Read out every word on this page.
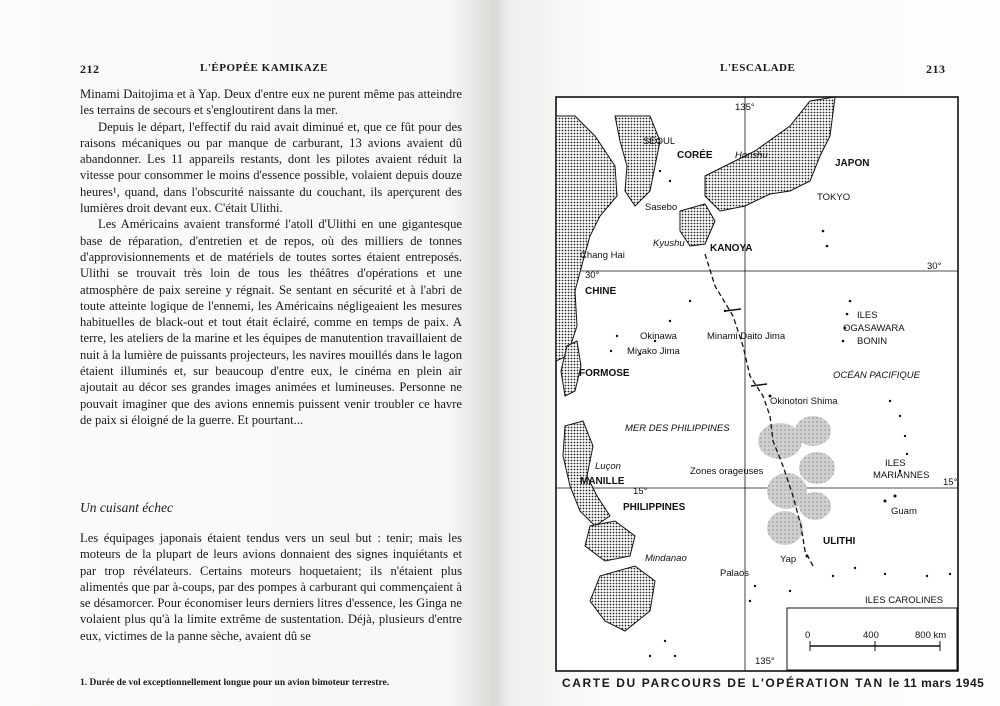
212	L'ÉPOPÉE KAMIKAZE

Minami Daitojima et à Yap. Deux d'entre eux ne purent même pas atteindre les terrains de secours et s'engloutirent dans la mer.

Depuis le départ, l'effectif du raid avait diminué et, que ce fût pour des raisons mécaniques ou par manque de carburant, 13 avions avaient dû abandonner. Les 11 appareils restants, dont les pilotes avaient réduit la vitesse pour consommer le moins d'essence possible, volaient depuis douze heures¹, quand, dans l'obscurité naissante du couchant, ils aperçurent des lumières droit devant eux. C'était Ulithi.

Les Américains avaient transformé l'atoll d'Ulithi en une gigantesque base de réparation, d'entretien et de repos, où des milliers de tonnes d'approvisionnements et de matériels de toutes sortes étaient entreposés. Ulithi se trouvait très loin de tous les théâtres d'opérations et une atmosphère de paix sereine y régnait. Se sentant en sécurité et à l'abri de toute atteinte logique de l'ennemi, les Américains négligeaient les mesures habituelles de black-out et tout était éclairé, comme en temps de paix. A terre, les ateliers de la marine et les équipes de manutention travaillaient de nuit à la lumière de puissants projecteurs, les navires mouillés dans le lagon étaient illuminés et, sur beaucoup d'entre eux, le cinéma en plein air ajoutait au décor ses grandes images animées et lumineuses. Personne ne pouvait imaginer que des avions ennemis puissent venir troubler ce havre de paix si éloigné de la guerre. Et pourtant...

Un cuisant échec

Les équipages japonais étaient tendus vers un seul but : tenir; mais les moteurs de la plupart de leurs avions donnaient des signes inquiétants et par trop révélateurs. Certains moteurs hoquetaient; ils n'étaient plus alimentés que par à-coups, par des pompes à carburant qui commençaient à se désamorcer. Pour économiser leurs derniers litres d'essence, les Ginga ne volaient plus qu'à la limite extrême de sustentation. Déjà, plusieurs d'entre eux, victimes de la panne sèche, avaient dû se

1. Durée de vol exceptionnellement longue pour un avion bimoteur terrestre.
L'ESCALADE	213
0	400	800 km
135°
135°
30°
30°
15°
15°
SÉOUL
CORÉE Honshu
JAPON
TOKYO
Sasebo
Kyushu	KANOYA
Chang Hai
CHINE
Okinawa
Miyako Jima
Minami Daito Jima
ILES
OGASAWARA
BONIN
FORMOSE	OCÉAN PACIFIQUE
Okinotori Shima
MER DES PHILIPPINES
Zones orageuses
ILES
MARIANNES
Luçon
MANILLE
PHILIPPINES	Guam
ULITHI
Yap
Mindanao
Palaos
ILES CAROLINES
CARTE DU PARCOURS DE L'OPÉRATION TAN le 11 mars 1945
